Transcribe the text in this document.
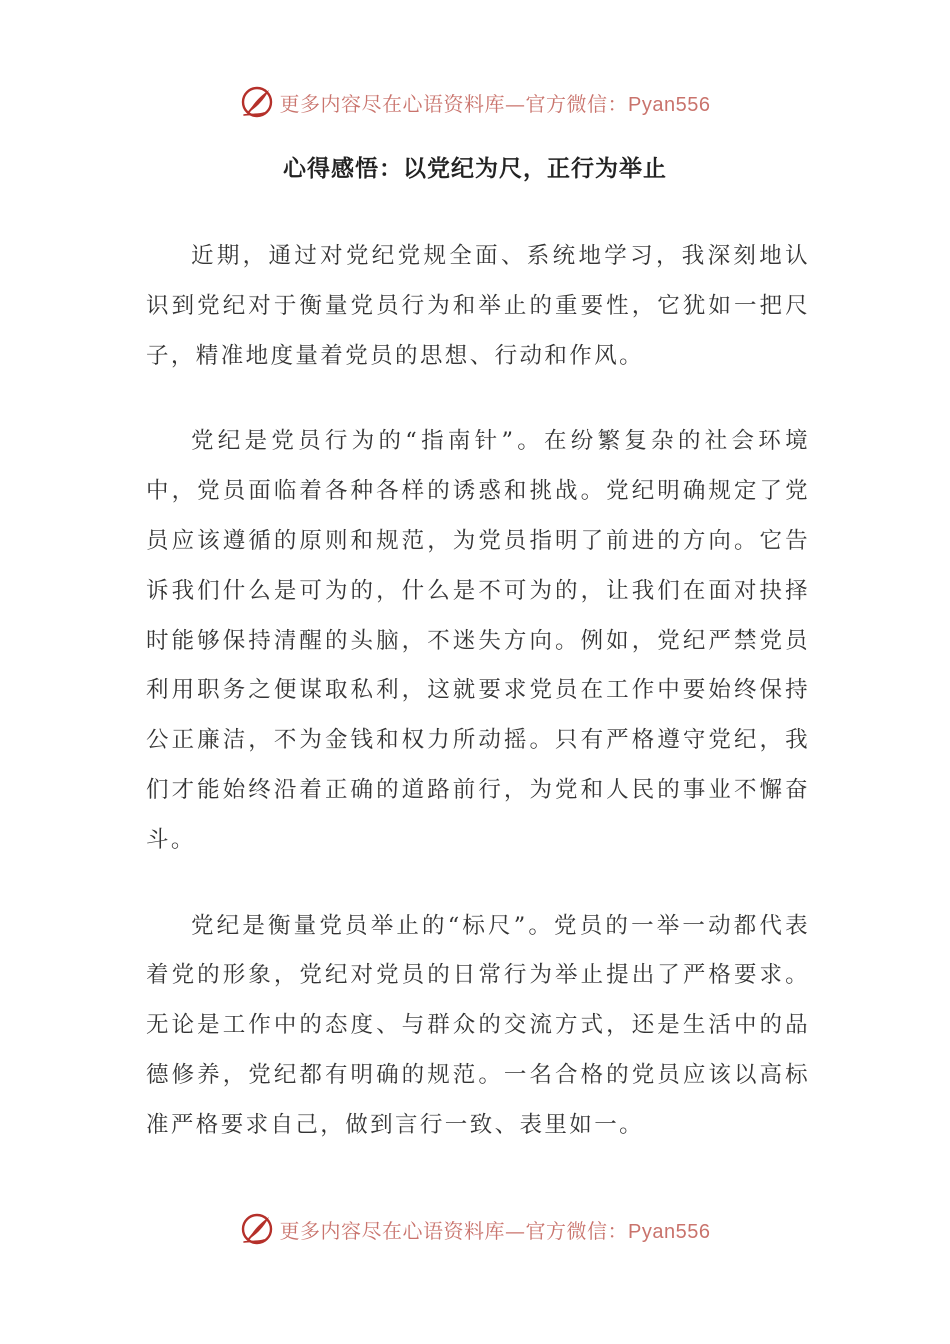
更多内容尽在心语资料库—官方微信：Pyan556
心得感悟：以党纪为尺，正行为举止

近期，通过对党纪党规全面、系统地学习，我深刻地认识到党纪对于衡量党员行为和举止的重要性，它犹如一把尺子，精准地度量着党员的思想、行动和作风。

党纪是党员行为的“指南针”。在纷繁复杂的社会环境中，党员面临着各种各样的诱惑和挑战。党纪明确规定了党员应该遵循的原则和规范，为党员指明了前进的方向。它告诉我们什么是可为的，什么是不可为的，让我们在面对抉择时能够保持清醒的头脑，不迷失方向。例如，党纪严禁党员利用职务之便谋取私利，这就要求党员在工作中要始终保持公正廉洁，不为金钱和权力所动摇。只有严格遵守党纪，我们才能始终沿着正确的道路前行，为党和人民的事业不懈奋斗。

党纪是衡量党员举止的“标尺”。党员的一举一动都代表着党的形象，党纪对党员的日常行为举止提出了严格要求。无论是工作中的态度、与群众的交流方式，还是生活中的品德修养，党纪都有明确的规范。一名合格的党员应该以高标准严格要求自己，做到言行一致、表里如一。

更多内容尽在心语资料库—官方微信：Pyan556
